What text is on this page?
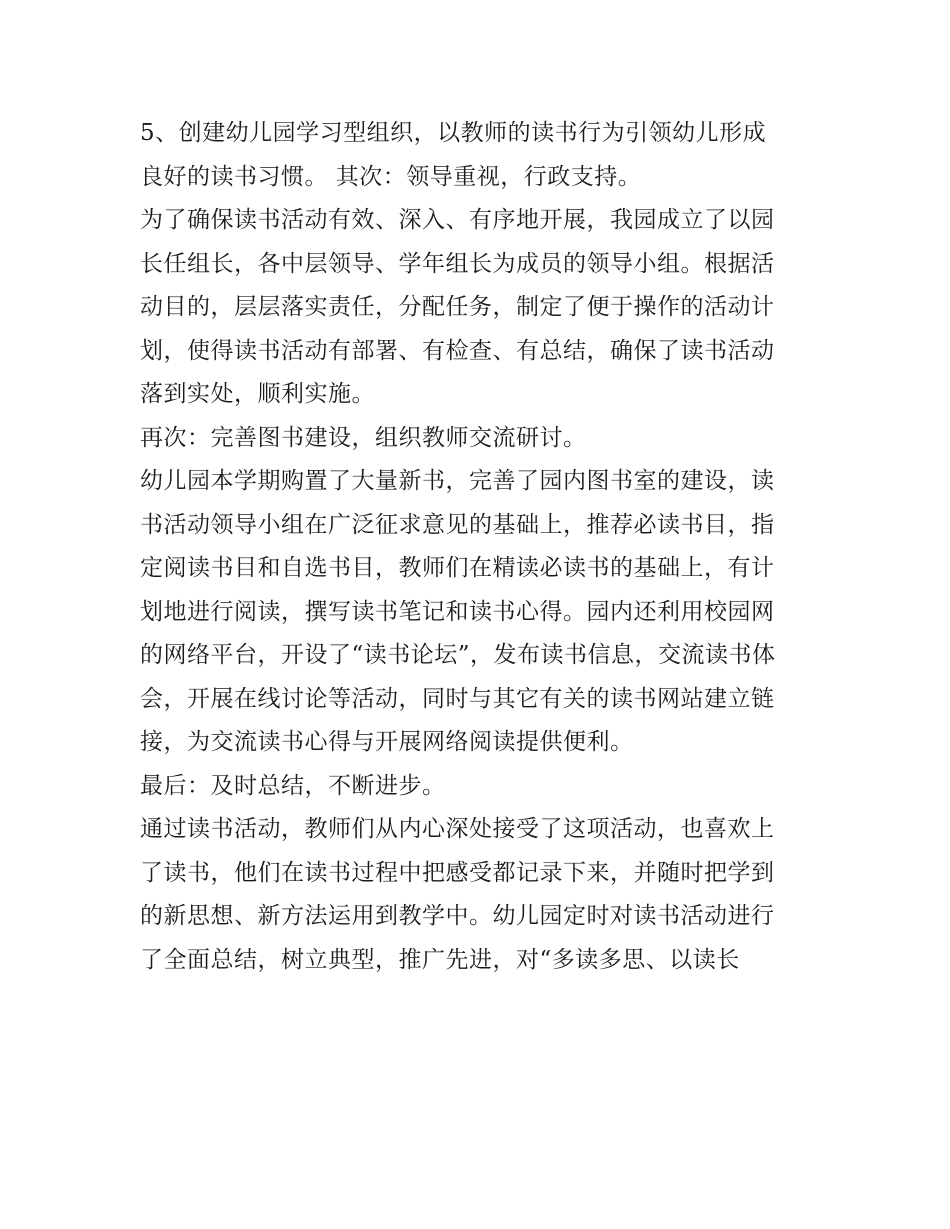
5、创建幼儿园学习型组织，以教师的读书行为引领幼儿形成
良好的读书习惯。 其次：领导重视，行政支持。
为了确保读书活动有效、深入、有序地开展，我园成立了以园
长任组长，各中层领导、学年组长为成员的领导小组。根据活
动目的，层层落实责任，分配任务，制定了便于操作的活动计
划，使得读书活动有部署、有检查、有总结，确保了读书活动
落到实处，顺利实施。
再次：完善图书建设，组织教师交流研讨。
幼儿园本学期购置了大量新书，完善了园内图书室的建设，读
书活动领导小组在广泛征求意见的基础上，推荐必读书目，指
定阅读书目和自选书目，教师们在精读必读书的基础上，有计
划地进行阅读，撰写读书笔记和读书心得。园内还利用校园网
的网络平台，开设了“读书论坛”，发布读书信息，交流读书体
会，开展在线讨论等活动，同时与其它有关的读书网站建立链
接，为交流读书心得与开展网络阅读提供便利。
最后：及时总结，不断进步。
通过读书活动，教师们从内心深处接受了这项活动，也喜欢上
了读书，他们在读书过程中把感受都记录下来，并随时把学到
的新思想、新方法运用到教学中。幼儿园定时对读书活动进行
了全面总结，树立典型，推广先进，对“多读多思、以读长
